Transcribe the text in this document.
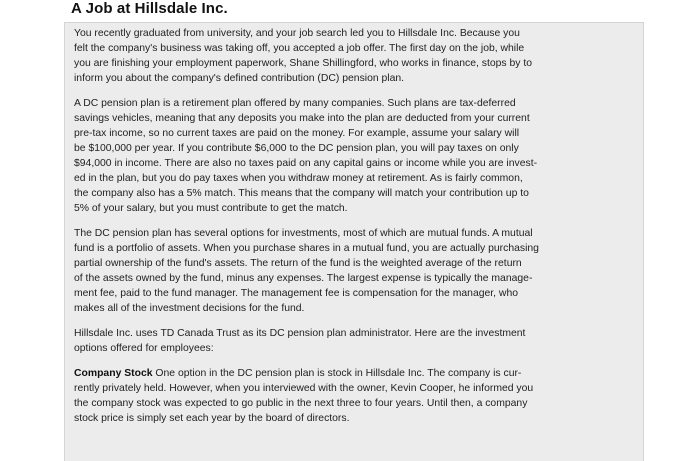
A Job at Hillsdale Inc.

You recently graduated from university, and your job search led you to Hillsdale Inc. Because you

felt the company's business was taking off, you accepted a job offer. The first day on the job, while

you are finishing your employment paperwork, Shane Shillingford, who works in finance, stops by to

inform you about the company's defined contribution (DC) pension plan.

A DC pension plan is a retirement plan offered by many companies. Such plans are tax-deferred

savings vehicles, meaning that any deposits you make into the plan are deducted from your current

pre-tax income, so no current taxes are paid on the money. For example, assume your salary will

be $100,000 per year. If you contribute $6,000 to the DC pension plan, you will pay taxes on only

$94,000 in income. There are also no taxes paid on any capital gains or income while you are invest-

ed in the plan, but you do pay taxes when you withdraw money at retirement. As is fairly common,

the company also has a 5% match. This means that the company will match your contribution up to

5% of your salary, but you must contribute to get the match.

The DC pension plan has several options for investments, most of which are mutual funds. A mutual

fund is a portfolio of assets. When you purchase shares in a mutual fund, you are actually purchasing

partial ownership of the fund's assets. The return of the fund is the weighted average of the return

of the assets owned by the fund, minus any expenses. The largest expense is typically the manage-

ment fee, paid to the fund manager. The management fee is compensation for the manager, who

makes all of the investment decisions for the fund.

Hillsdale Inc. uses TD Canada Trust as its DC pension plan administrator. Here are the investment

options offered for employees:

Company Stock One option in the DC pension plan is stock in Hillsdale Inc. The company is cur-

rently privately held. However, when you interviewed with the owner, Kevin Cooper, he informed you

the company stock was expected to go public in the next three to four years. Until then, a company

stock price is simply set each year by the board of directors.
